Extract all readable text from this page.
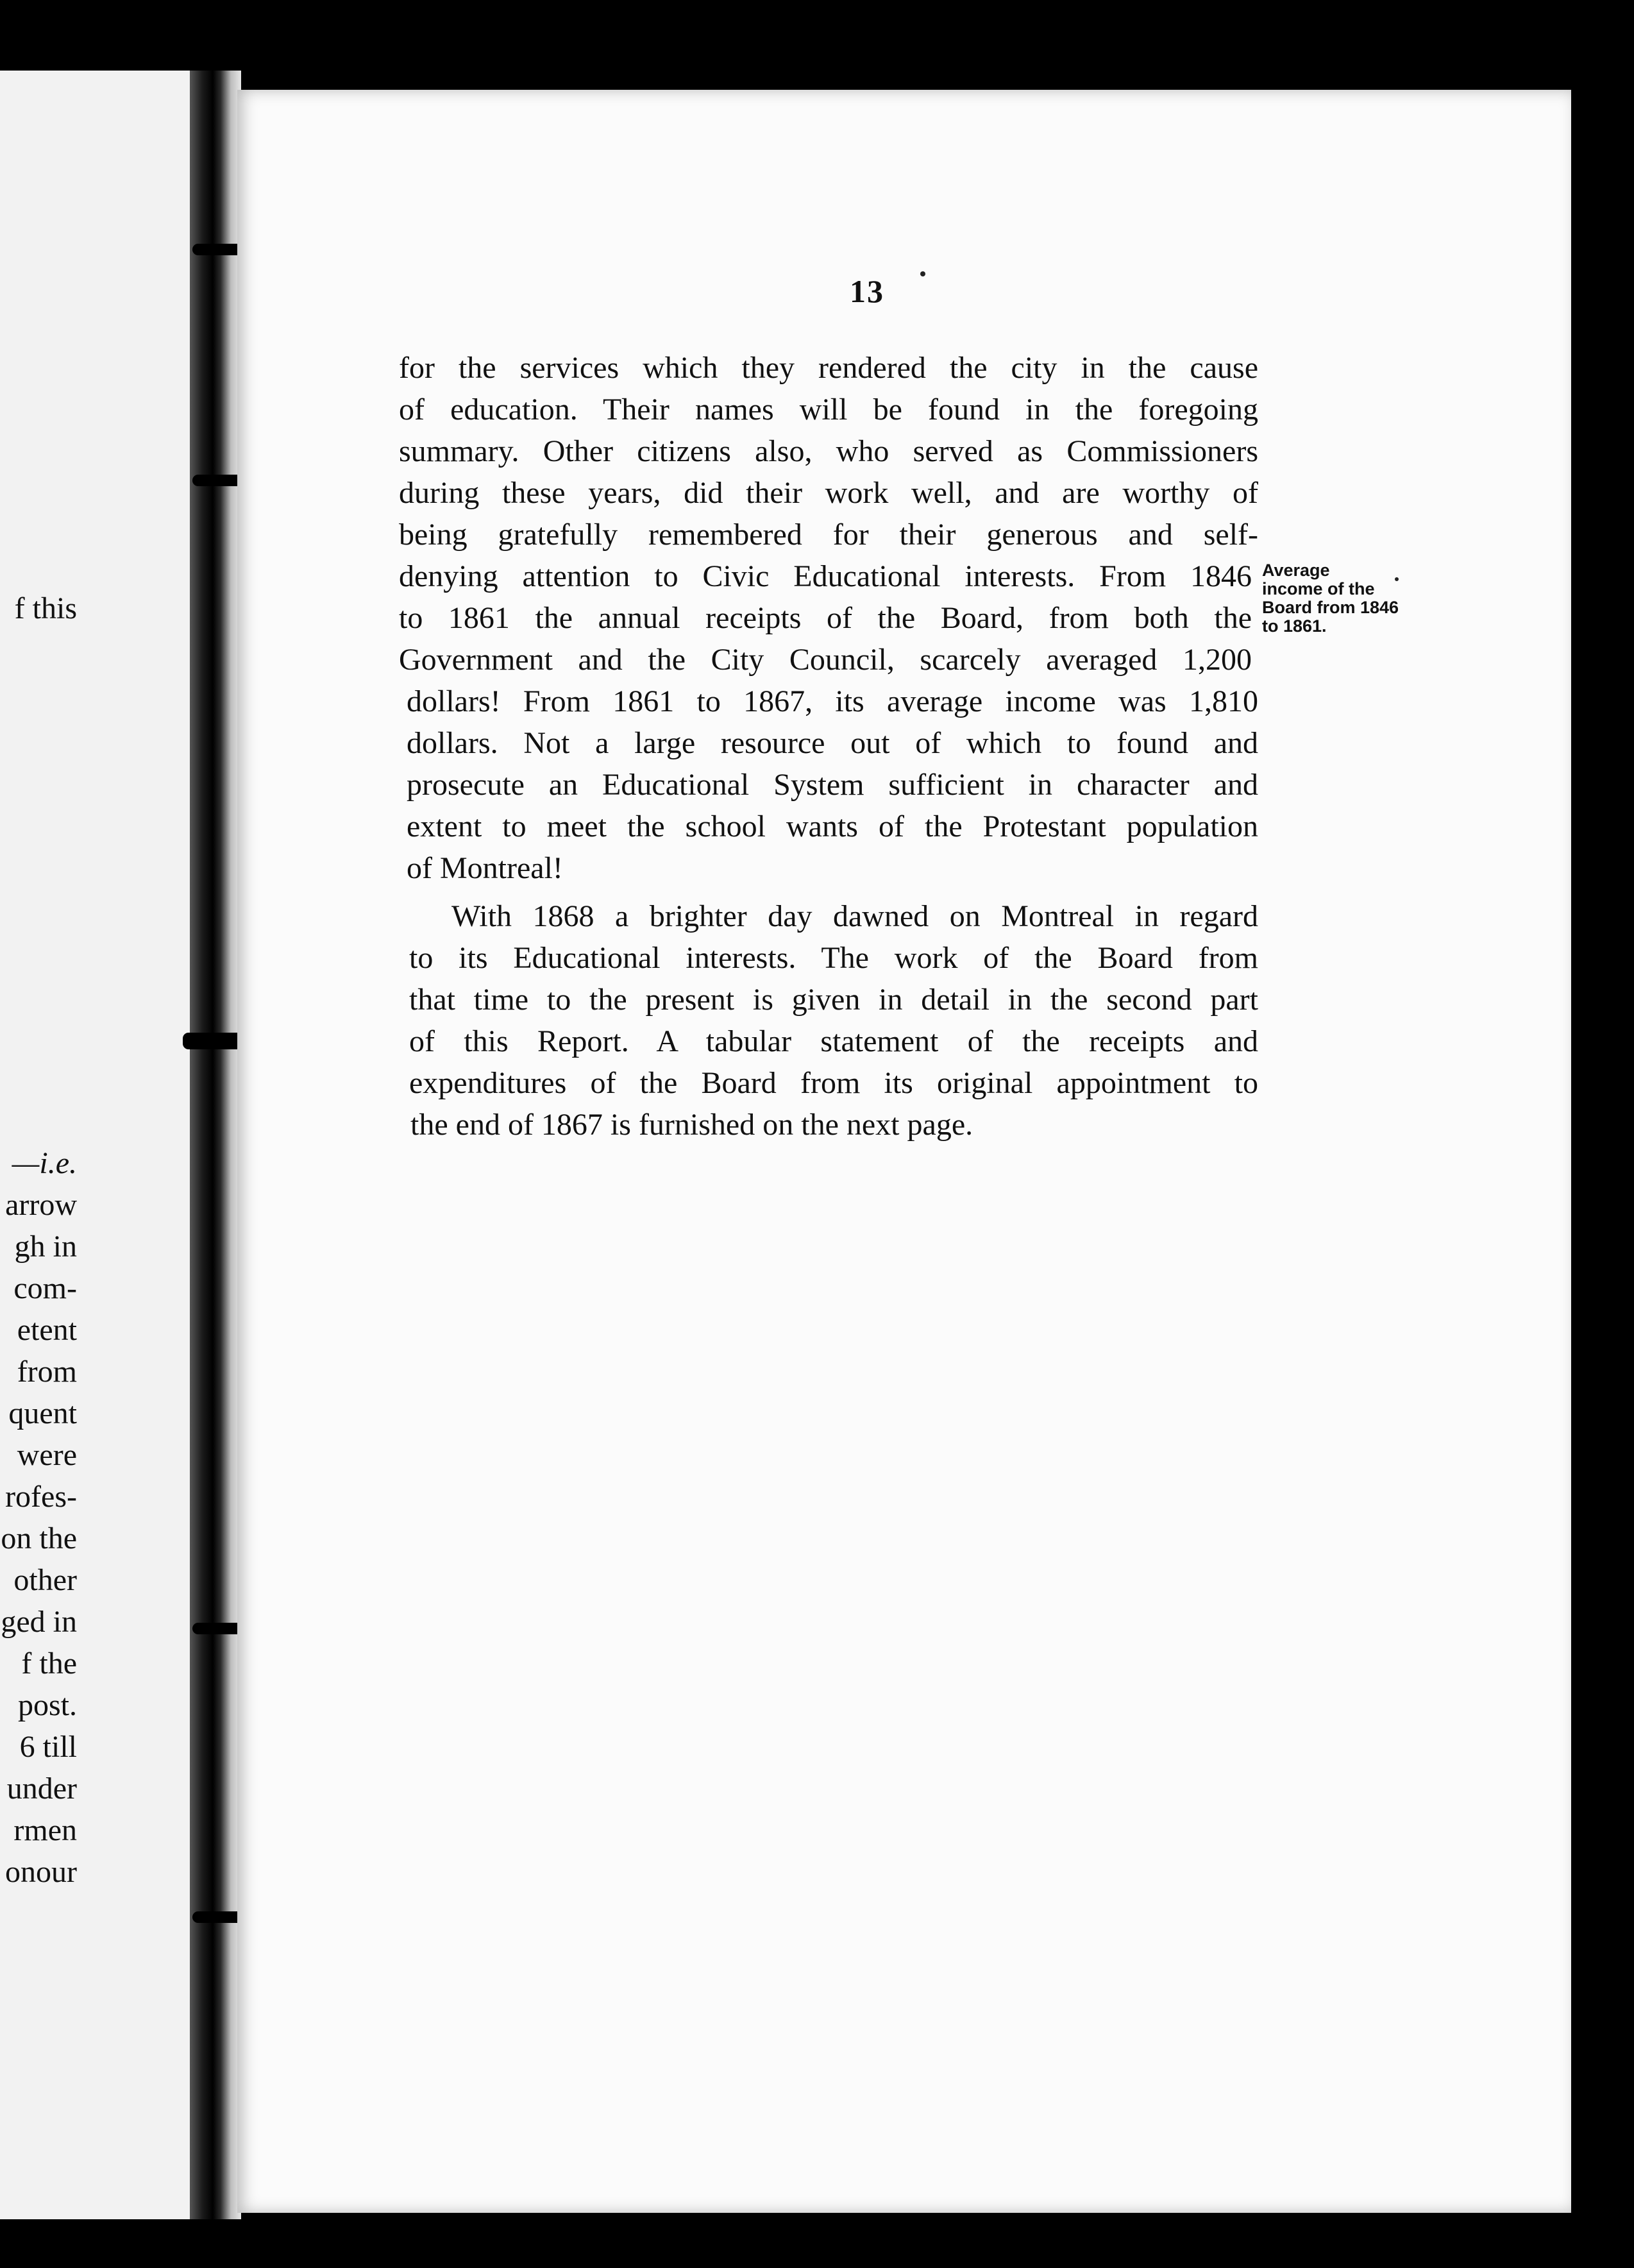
f this
—i.e.
arrow
gh in
com-
etent
from
quent
were
rofes-
on the
other
ged in
f the
post.
6 till
under
rmen
onour
13
for the services which they rendered the city in the cause
of education. Their names will be found in the foregoing
summary. Other citizens also, who served as Commissioners
during these years, did their work well, and are worthy of
being gratefully remembered for their generous and self-
denying attention to Civic Educational interests. From 1846
to 1861 the annual receipts of the Board, from both the
Government and the City Council, scarcely averaged 1,200
dollars! From 1861 to 1867, its average income was 1,810
dollars. Not a large resource out of which to found and
prosecute an Educational System sufficient in character and
extent to meet the school wants of the Protestant population
of Montreal!
With 1868 a brighter day dawned on Montreal in regard
to its Educational interests. The work of the Board from
that time to the present is given in detail in the second part
of this Report. A tabular statement of the receipts and
expenditures of the Board from its original appointment to
the end of 1867 is furnished on the next page.
Average
income of the
Board from 1846
to 1861.
